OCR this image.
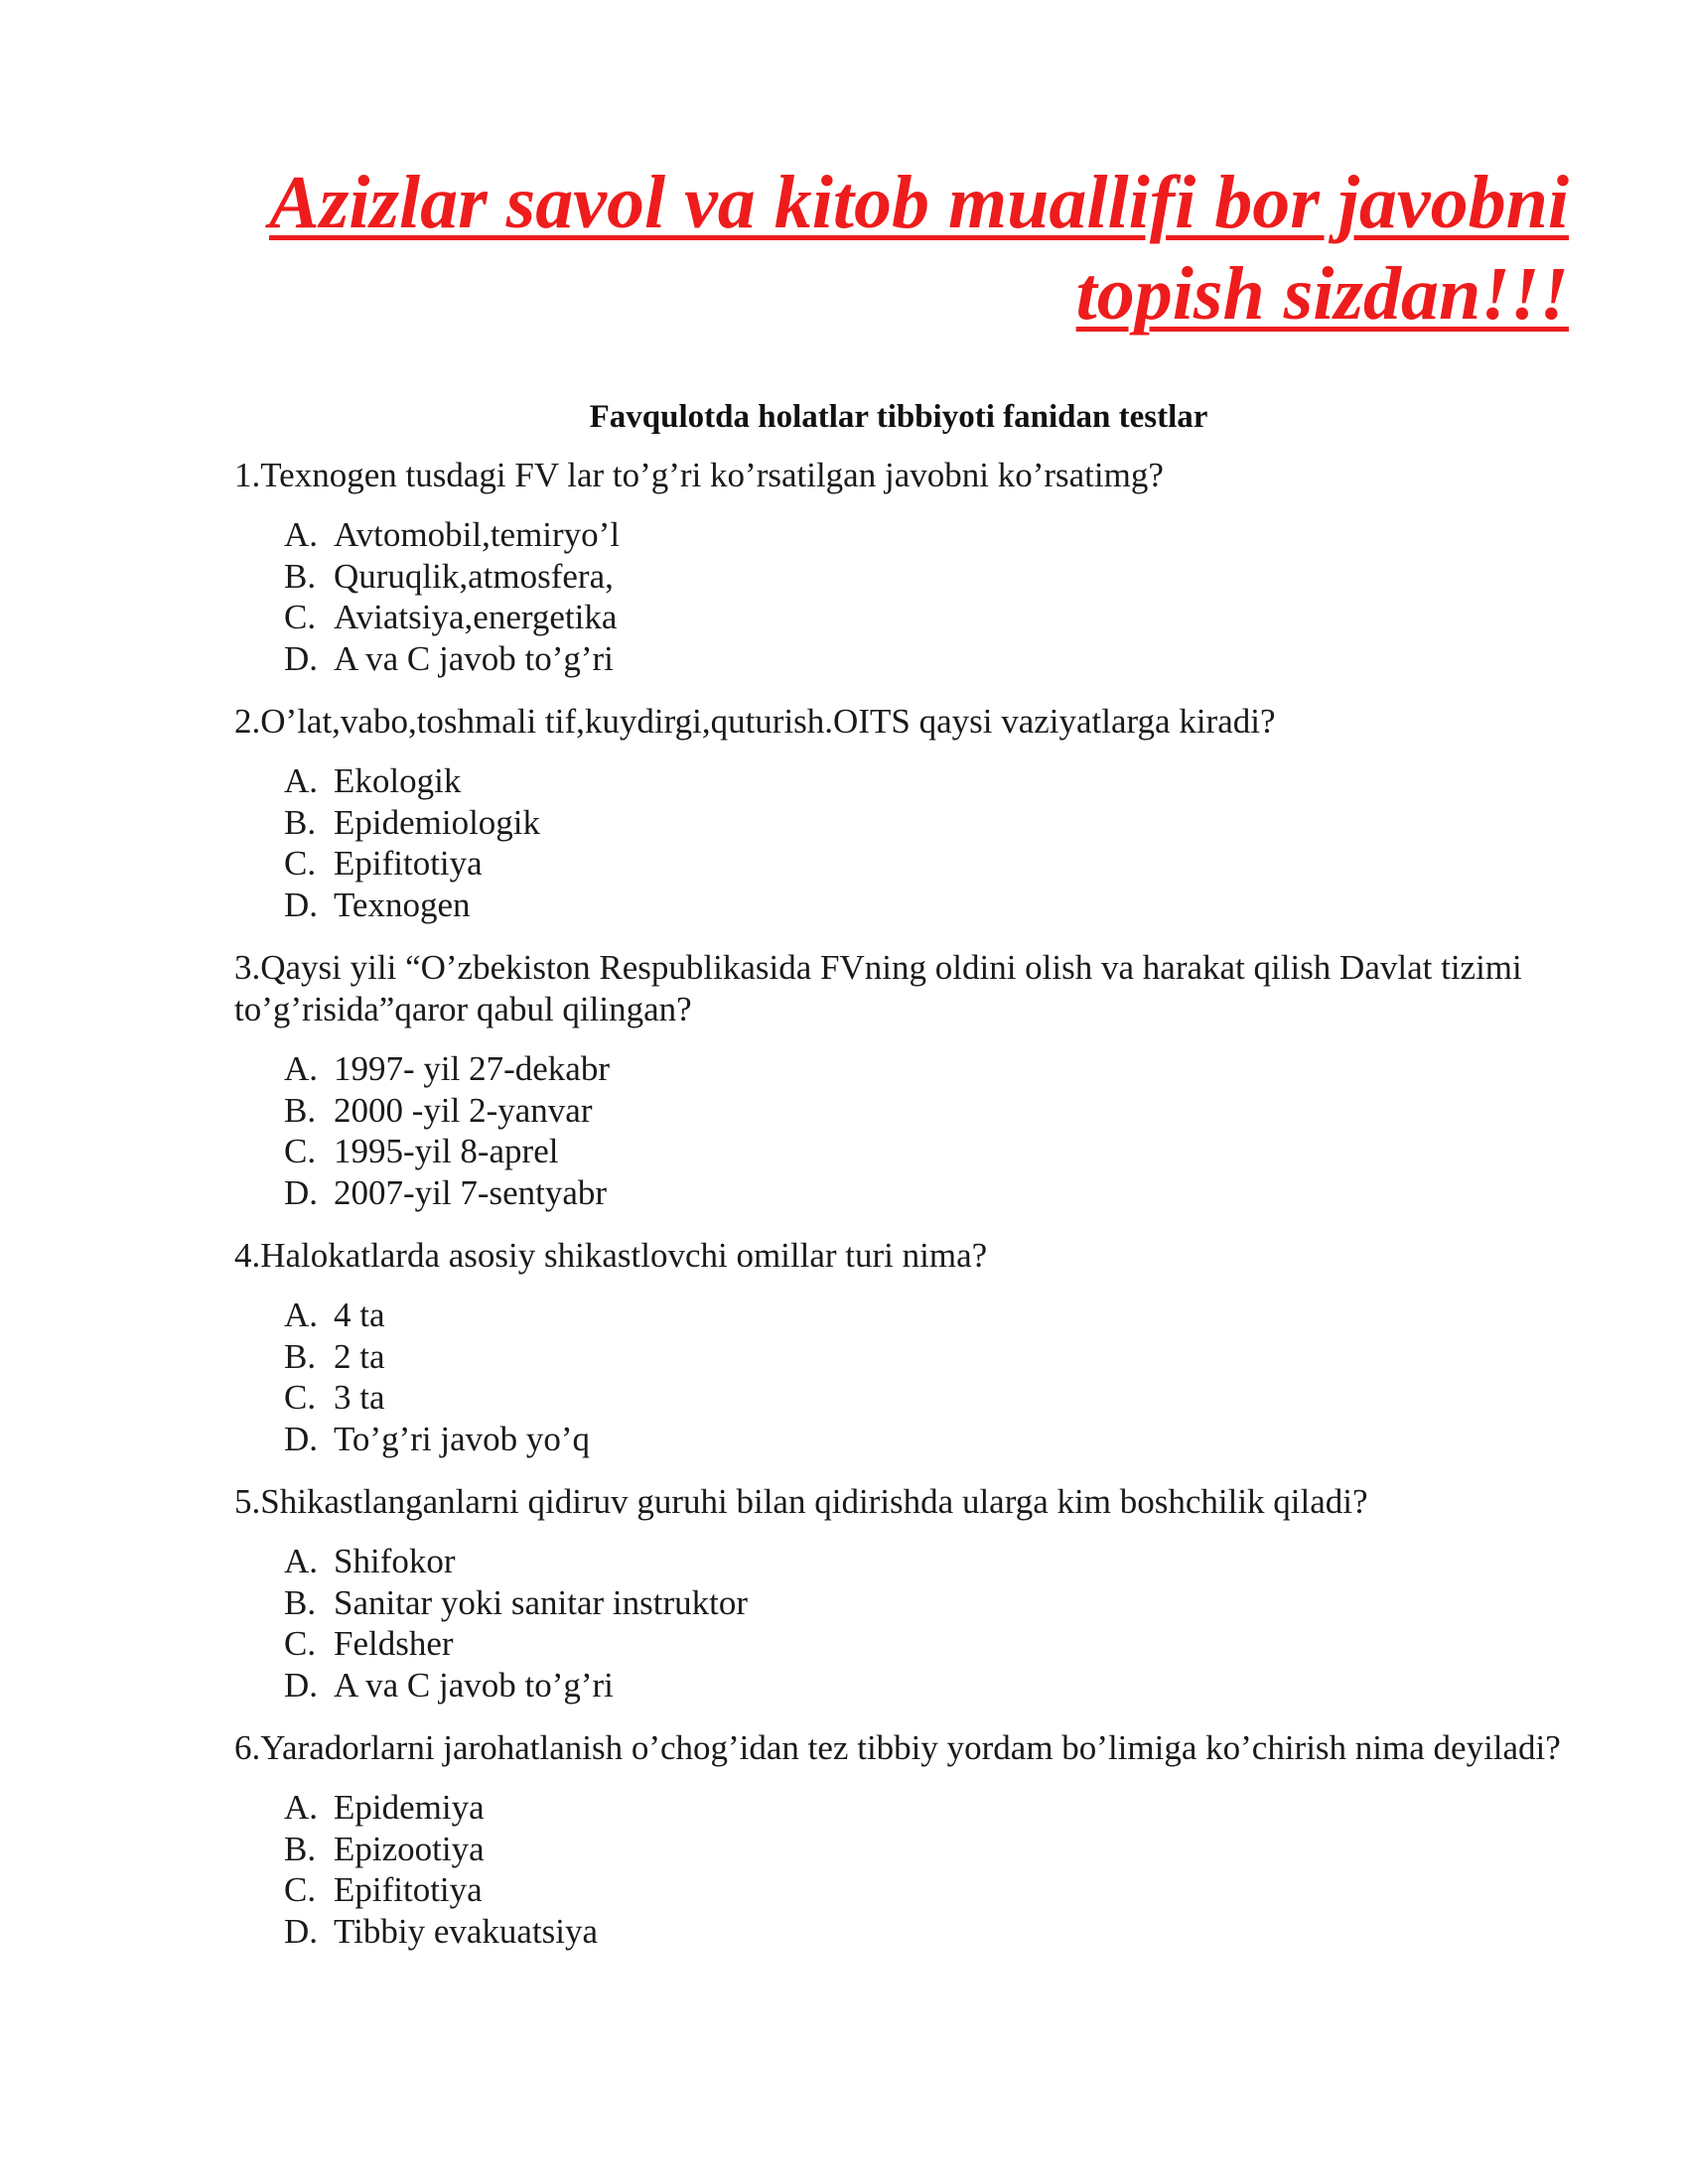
Azizlar savol va kitob muallifi bor javobni topish sizdan!!!
Favqulotda holatlar tibbiyoti fanidan testlar

1.Texnogen tusdagi FV lar to’g’ri ko’rsatilgan javobni ko’rsatimg?

A. Avtomobil,temiryo’l
B. Quruqlik,atmosfera,
C. Aviatsiya,energetika
D. A va C javob to’g’ri

2.O’lat,vabo,toshmali tif,kuydirgi,quturish.OITS qaysi vaziyatlarga kiradi?

A. Ekologik
B. Epidemiologik
C. Epifitotiya
D. Texnogen

3.Qaysi yili “O’zbekiston Respublikasida FVning oldini olish va harakat qilish Davlat tizimi to’g’risida”qaror qabul qilingan?

A. 1997- yil 27-dekabr
B. 2000 -yil 2-yanvar
C. 1995-yil 8-aprel
D. 2007-yil 7-sentyabr

4.Halokatlarda asosiy shikastlovchi omillar turi nima?

A. 4 ta
B. 2 ta
C. 3 ta
D. To’g’ri javob yo’q

5.Shikastlanganlarni qidiruv guruhi bilan qidirishda ularga kim boshchilik qiladi?

A. Shifokor
B. Sanitar yoki sanitar instruktor
C. Feldsher
D. A va C javob to’g’ri

6.Yaradorlarni jarohatlanish o’chog’idan tez tibbiy yordam bo’limiga ko’chirish nima deyiladi?

A. Epidemiya
B. Epizootiya
C. Epifitotiya
D. Tibbiy evakuatsiya
